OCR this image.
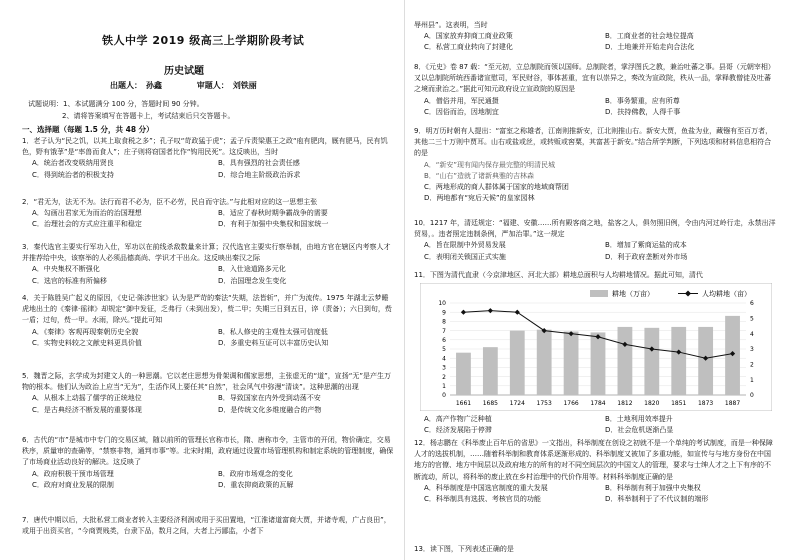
铁人中学 2019 级高三上学期阶段考试
历史试题
出题人： 孙鑫	审题人： 刘铁丽
试题说明：1、本试题满分 100 分，答题时间 90 分钟。
2、请将答案填写在答题卡上，考试结束后只交答题卡。
一、选择题（每题 1.5 分，共 48 分）

1．老子认为“民之饥，以其上取食税之多”；孔子叹“苛政猛于虎”；孟子斥责梁惠王之政“庖有肥肉，厩有肥马，民有饥色，野有饿莩”是“率兽而食人”；庄子则将窃国者比作“钩用民死”。这反映出，当时

A．统治者改变吸纳用贤良	B．具有强烈的社会责任感
C．得到统治者的积极支持	D．综合地主阶级政治诉求

2．“君无为，法无不为。法行而君不必为，臣不必劳，民自而守法。”与此相对应的这一思想主张

A．勾画出君家无为而治的治国理想	B．适应了春秋时期争霸战争的需要
C．治理社会的方式应注重平和稳定	D．有利于加强中央集权和国家统一

3．秦代选官主要实行军功入仕，军功以在前线杀敌数量来计算；汉代选官主要实行察举制，由地方官在辖区内考察人才并推荐给中央，该察举的人必须品德高尚、学识才干出众。这反映出秦汉之际

A．中央集权不断强化	B．入仕途道路多元化
C．选官的标准有所偏移	D．治国理念发生变化

4．关于陈胜吴广起义的原因，《史记·陈涉世家》认为是严苛的秦法“失期，法皆斩”，并广为流传。1975 年湖北云梦睡虎地出土的《秦律·徭律》却规定“御中发征，乏弗行（未到出发），赀二甲；失期三日到五日，谇（责备）；六日到旬，赀一盾；过旬，赀一甲。水雨，除兴。”提此可知

A．《秦律》客观再现秦朝历史全貌	B．私人修史的主观性太强可信度低
C．实物史料较之文献史料更具价值	D．多重史料互证可以丰富历史认知

5．魏晋之际，玄学成为封建文人的一种思潮。它以老庄思想为骨架调和儒家思想，主张虚无的“道”，宣扬“无”是产生万物的根本。他们认为政治上应当“无为”，生活作风上要任其“自然”，社会风气中弥漫“清谈”。这种思潮的出现

A．从根本上动摇了儒学的正统地位	B．导致国家在内外受到动荡不安
C．是古典经济不断发展的重要体现	D．是传统文化多维度融合的产物

6．古代的“市”是城市中专门的交易区域，随以前所的管理长官称市长，隋、唐称市令，主管市的开闭，物价确定，交易秩序，质量审的查确等，“禁察非物，通判市事”等。北宋时期，政府通过设置市场管理机构和制定系统的管理制度，确保了市场商业活动良好的解决。这反映了

A．政府积极干预市场管理	B．政府市场观念的变化
C．政府对商业发展的限制	D．重农抑商政策的瓦解

7．唐代中期以后，大批私营工商业者转入主要经济利润或用于买田置地，“江淮诸道富商大贾，并诸寺观，广占良田”，或用于出资买官，“今商贾贱类，台隶下品，数月之间，大者上污鄙监，小者下

辱州县”。这表明，当时

A．国家放弃抑商工商业政策	B．工商业者的社会地位提高
C．私营工商业转向了封建化	D．土地兼并开始走向合法化

8．《元史》卷 87 载：“至元初，立总制院而领以国师。总制院者，掌浮图氏之教，兼治吐蕃之事。县哥（元朝宰相）又以总制院所统西番诸宣慰司，军民财谷，事体甚重，宜有以崇异之，奏改为宣政院，秩从一品，掌释教僧徒及吐蕃之境而隶治之。”据此可知元政府设立宣政院的原因是

A．僧俗并用，军民通摄	B．事务繁重，应有所尊
C．因俗而治，因地制宜	D．扶持佛教，人得千事

9．明万历时朝有人提出：“富室之称雄者，江南则推新安，江北则推山右。新安大贾，鱼盐为业，藏镪有至百万者，其他二三十万则中贾耳。山右或盐或丝，或转贩或窖粟，其富甚于新安。”结合所学判断，下列选项和材料信息相符合的是

A．“新安”现有闻内保存最完整的明清民城
B．“山右”造就了诸新典雅的吉林森
C．两地形成的商人群体属于国家的地域商帮团
D．两地都有“宛后天候”的皇家园林

10．1217 年，清廷规定：“福建、安徽……所有殿客商之地，盐客之人，俱勿照旧例，令由内河过岭行走，永禁出洋贸易，。违者照定违制条例，严加治罪。”这一规定

A．旨在限制中外贸易发展	B．增加了紫商运盐的成本
C．表明闭关锁国正式实施	D．利于政府垄断对外市场

11．下图为清代直隶（今京津地区、河北大部）耕地总面积与人均耕地情况。据此可知，清代

0
1
2
3
4
5
6
7
8
9
10
0
1
2
3
4
5
6
1661 1685 1724 1753 1766 1784 1812 1820 1851 1873 1887
耕地（万亩）	人均耕地（亩）
A．高产作物广泛种植	B．土地利用效率提升
C．经济发展陷于停滞	D．社会危机逐渐凸显

12．杨志鹏在《科举废止百年后的省思》一文指出，科举制度在创设之初就不是一个单纯的考试制度，而是一种保障人才的选拔机制，……随着科举制和教育体系逐渐形成的、科举制度又被加了多重功能，如宣传与与地方身份在中国地方的官僚、地方中间层以及政府地方的所有的对不同空间层次的中国文人的管理，要求与士绅人才之上下有序的不断流动，所以，将科举的废止放在乡村治理中的代价作用等。材料科举制度正确的是

A．科举制度是中国选官制度的重大发展	B．科举制有利于加强中央集权
C．科举制具有选拔、考核官员的功能	D．科举制利于了不代议制的端形

13．读下图，下列表述正确的是
